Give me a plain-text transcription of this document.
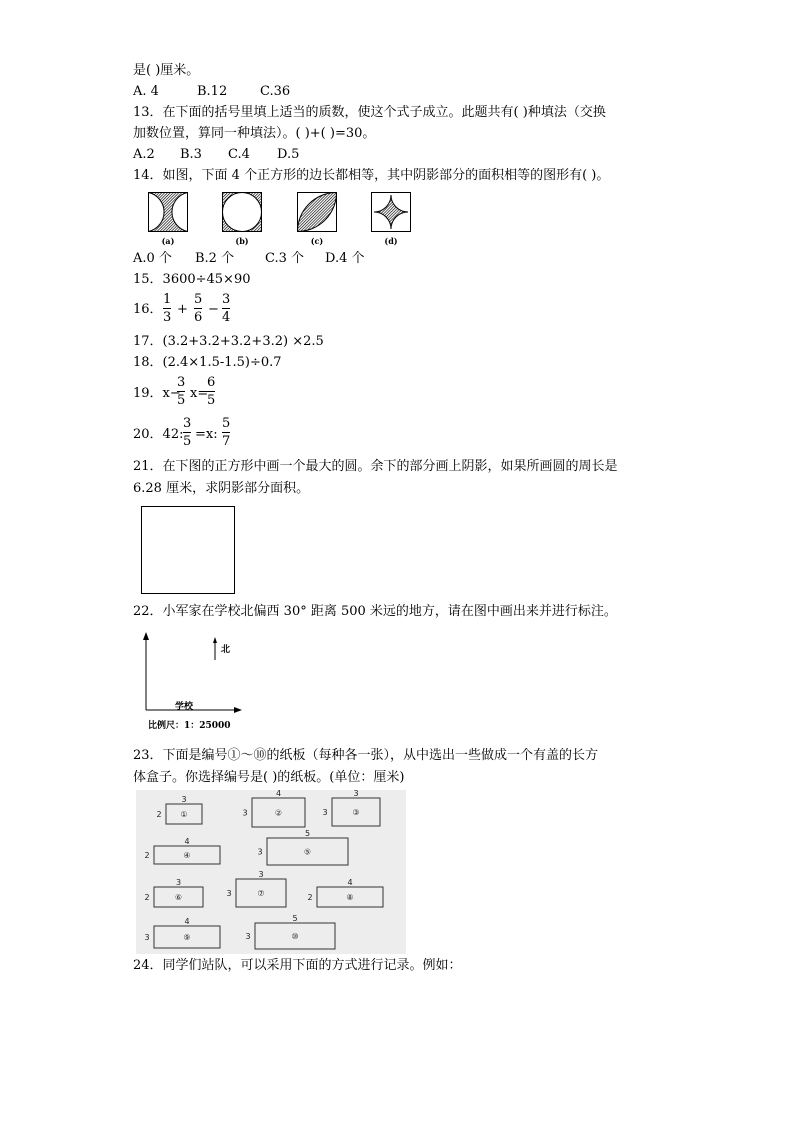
是( )厘米。
A. 4	B.12	C.36
13．在下面的括号里填上适当的质数，使这个式子成立。此题共有( )种填法（交换
加数位置，算同一种填法）。( )+( )=30。
A.2 B.3 C.4 D.5
14．如图，下面 4 个正方形的边长都相等，其中阴影部分的面积相等的图形有( )。
(a)	(b)	(c)	(d)
A.0 个 B.2 个 C.3 个 D.4 个
15．3600÷45×90
16．
1
3
+
5
6
−
3
4
17．(3.2+3.2+3.2+3.2) ×2.5
18．(2.4×1.5-1.5)÷0.7
19．x−
3
5 x=
6
5
20．42:
3
5 =x:
5
7
21．在下图的正方形中画一个最大的圆。余下的部分画上阴影，如果所画圆的周长是
6.28 厘米，求阴影部分面积。
22．小军家在学校北偏西 30° 距离 500 米远的地方，请在图中画出来并进行标注。
北
学校
比例尺：1：25000
23．下面是编号①～⑩的纸板（每种各一张），从中选出一些做成一个有盖的长方
体盒子。你选择编号是( )的纸板。(单位：厘米)
3
2 ①
4
3	②
3
3	③
4
2	④
5
3	⑤
3
2	⑥
3
3	⑦
4
2	⑧
4
3	⑨
5
3	⑩
24．同学们站队，可以采用下面的方式进行记录。例如：
